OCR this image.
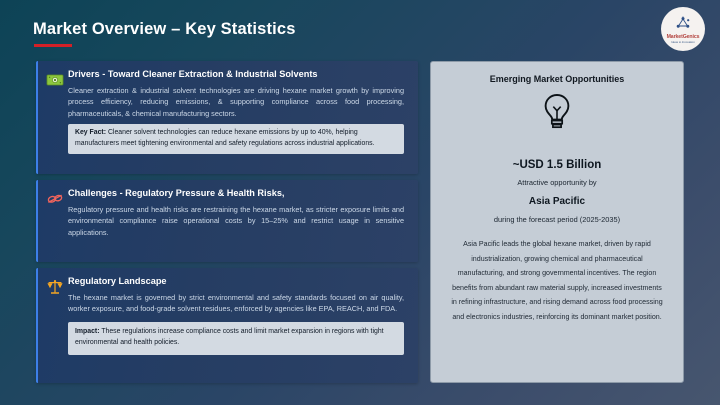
Market Overview – Key Statistics	MarketGenics
Ideas to Innovation
Drivers - Toward Cleaner Extraction & Industrial Solvents
Cleaner extraction & industrial solvent technologies are driving hexane market growth by improving process efficiency, reducing emissions, & supporting compliance across food processing, pharmaceuticals, & chemical manufacturing sectors.
Key Fact: Cleaner solvent technologies can reduce hexane emissions by up to 40%, helping manufacturers meet tightening environmental and safety regulations across industrial applications.
Challenges - Regulatory Pressure & Health Risks,
Regulatory pressure and health risks are restraining the hexane market, as stricter exposure limits and environmental compliance raise operational costs by 15–25% and restrict usage in sensitive applications.
Regulatory Landscape
The hexane market is governed by strict environmental and safety standards focused on air quality, worker exposure, and food-grade solvent residues, enforced by agencies like EPA, REACH, and FDA.
Impact: These regulations increase compliance costs and limit market expansion in regions with tight environmental and health policies.
Emerging Market Opportunities
~USD 1.5 Billion
Attractive opportunity by
Asia Pacific
during the forecast period (2025-2035)
Asia Pacific leads the global hexane market, driven by rapid industrialization, growing chemical and pharmaceutical manufacturing, and strong governmental incentives. The region benefits from abundant raw material supply, increased investments in refining infrastructure, and rising demand across food processing and electronics industries, reinforcing its dominant market position.
